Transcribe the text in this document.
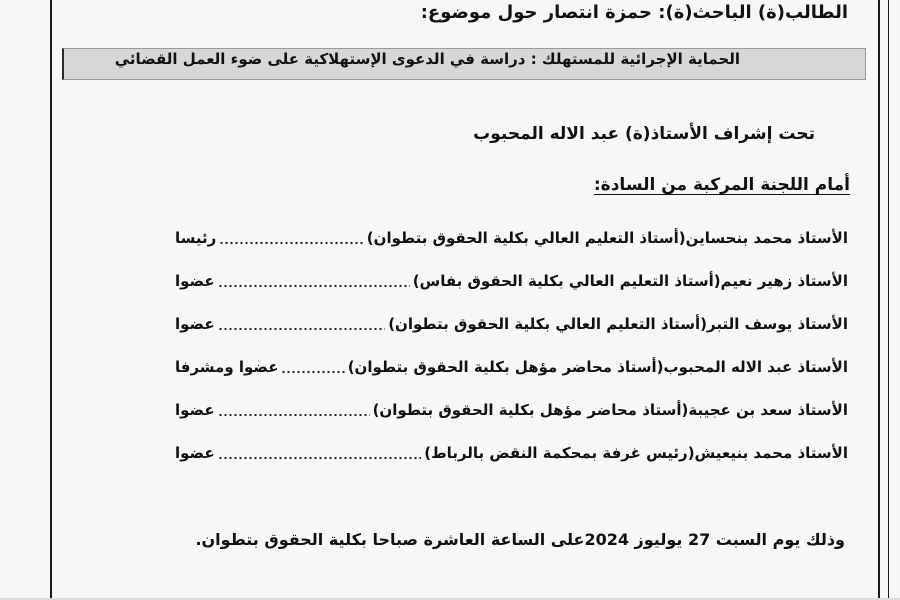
الطالب(ة) الباحث(ة): حمزة انتصار حول موضوع:
الحماية الإجرائية للمستهلك : دراسة في الدعوى الإستهلاكية على ضوء العمل القضائي
تحت إشراف الأستاذ(ة) عبد الاله المحبوب
أمام اللجنة المركبة من السادة:
الأستاذ محمد بنحساين(أستاذ التعليم العالي بكلية الحقوق بتطوان)
رئيسا
الأستاذ زهير نعيم(أستاذ التعليم العالي بكلية الحقوق بفاس)
عضوا
الأستاذ يوسف التبر(أستاذ التعليم العالي بكلية الحقوق بتطوان)
عضوا
الأستاذ عبد الاله المحبوب(أستاذ محاضر مؤهل بكلية الحقوق بتطوان)
عضوا ومشرفا
الأستاذ سعد بن عجيبة(أستاذ محاضر مؤهل بكلية الحقوق بتطوان)
عضوا
الأستاذ محمد بنيعيش(رئيس غرفة بمحكمة النقض بالرباط)
عضوا
وذلك يوم السبت 27 يوليوز 2024على الساعة العاشرة صباحا بكلية الحقوق بتطوان.
